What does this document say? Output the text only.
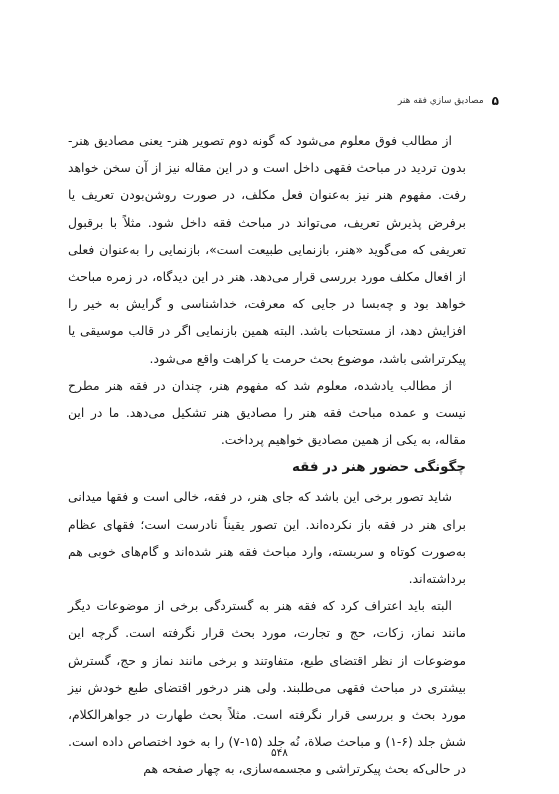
۵
مصاديق سازي فقه هنر

از مطالب فوق معلوم می‌شود که گونه دوم تصویر هنر- یعنی مصادیق هنر- بدون تردید در مباحث فقهی داخل است و در این مقاله نیز از آن سخن خواهد رفت. مفهوم هنر نیز به‌عنوان فعل مکلف، در صورت روشن‌بودن تعریف یا برفرض پذیرش تعریف، می‌تواند در مباحث فقه داخل شود. مثلاً با برقبول تعریفی که می‌گوید «هنر، بازنمایی طبیعت است»، بازنمایی را به‌عنوان فعلی از افعال مکلف مورد بررسی قرار می‌دهد. هنر در این دیدگاه، در زمره مباحث خواهد بود و چه‌بسا در جایی که معرفت، خداشناسی و گرایش به خیر را افزایش دهد، از مستحبات باشد. البته همین بازنمایی اگر در قالب موسیقی یا پیکرتراشی باشد، موضوع بحث حرمت یا کراهت واقع می‌شود.

از مطالب یادشده، معلوم شد که مفهوم هنر، چندان در فقه هنر مطرح نیست و عمده مباحث فقه هنر را مصادیق هنر تشکیل می‌دهد. ما در این مقاله، به یکی از همین مصادیق خواهیم پرداخت.

چگونگی حضور هنر در فقه

شاید تصور برخی این باشد که جای هنر، در فقه، خالی است و فقها میدانی برای هنر در فقه باز نکرده‌اند. این تصور یقیناً نادرست است؛ فقهای عظام به‌صورت کوتاه و سربسته، وارد مباحث فقه هنر شده‌اند و گام‌های خوبی هم برداشته‌اند.

البته باید اعتراف کرد که فقه هنر به گستردگی برخی از موضوعات دیگر مانند نماز، زکات، حج و تجارت، مورد بحث قرار نگرفته است. گرچه این موضوعات از نظر اقتضای طبع، متفاوتند و برخی مانند نماز و حج، گسترش بیشتری در مباحث فقهی می‌طلبند. ولی هنر درخور اقتضای طبع خودش نیز مورد بحث و بررسی قرار نگرفته است. مثلاً بحث طهارت در جواهرالکلام، شش جلد (۶-۱) و مباحث صلاة، نُه جلد (۱۵-۷) را به خود اختصاص داده است. در حالی‌که بحث پیکرتراشی و مجسمه‌سازی، به چهار صفحه هم

۵۴۸
